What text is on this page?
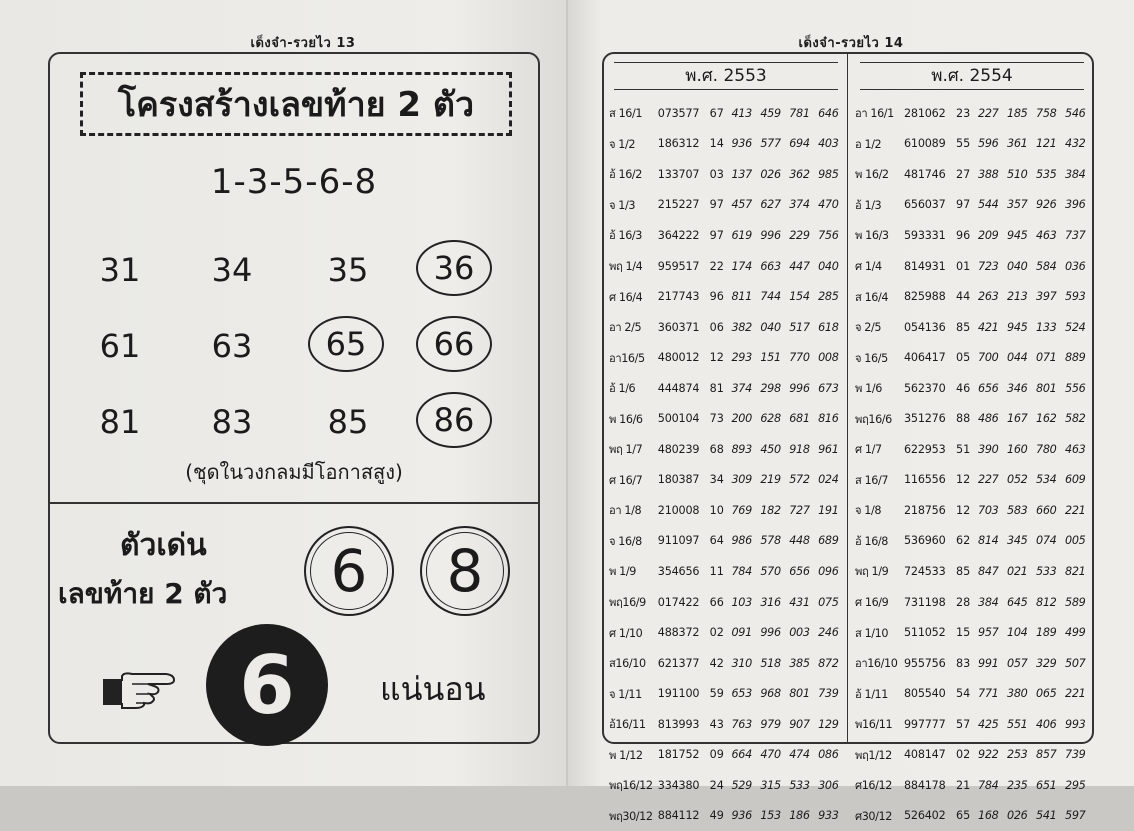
เด็งจ๋า-รวยไว 13
โครงสร้างเลขท้าย 2 ตัว
1-3-5-6-8
31	34	35	36
61	63	65	66
81	83	85	86
(ชุดในวงกลมมีโอกาสสูง)
ตัวเด่น
เลขท้าย 2 ตัว	6	8
6	แน่นอน
เด็งจ๋า-รวยไว 14
พ.ศ. 2553
ส 16/1	073577 67 413 459 781 646
จ 1/2	186312 14 936 577 694 403
อ้ 16/2	133707 03 137 026 362 985
จ 1/3	215227 97 457 627 374 470
อ้ 16/3	364222 97 619 996 229 756
พฤ 1/4	959517 22 174 663 447 040
ศ 16/4	217743 96 811 744 154 285
อา 2/5	360371 06 382 040 517 618
อา16/5	480012 12 293 151 770 008
อ้ 1/6	444874 81 374 298 996 673
พ 16/6	500104 73 200 628 681 816
พฤ 1/7	480239 68 893 450 918 961
ศ 16/7	180387 34 309 219 572 024
อา 1/8	210008 10 769 182 727 191
จ 16/8	911097 64 986 578 448 689
พ 1/9	354656 11 784 570 656 096
พฤ16/9	017422 66 103 316 431 075
ศ 1/10	488372 02 091 996 003 246
ส16/10	621377 42 310 518 385 872
จ 1/11	191100 59 653 968 801 739
อ้16/11	813993 43 763 979 907 129
พ 1/12	181752 09 664 470 474 086
พฤ16/12 334380 24 529 315 533 306
พฤ30/12 884112 49 936 153 186 933
พ.ศ. 2554
อา 16/1 281062 23 227 185 758 546
อ 1/2	610089 55 596 361 121 432
พ 16/2	481746 27 388 510 535 384
อ้ 1/3	656037 97 544 357 926 396
พ 16/3	593331 96 209 945 463 737
ศ 1/4	814931 01 723 040 584 036
ส 16/4	825988 44 263 213 397 593
จ 2/5	054136 85 421 945 133 524
จ 16/5	406417 05 700 044 071 889
พ 1/6	562370 46 656 346 801 556
พฤ16/6	351276 88 486 167 162 582
ศ 1/7	622953 51 390 160 780 463
ส 16/7	116556 12 227 052 534 609
จ 1/8	218756 12 703 583 660 221
อ้ 16/8	536960 62 814 345 074 005
พฤ 1/9	724533 85 847 021 533 821
ศ 16/9	731198 28 384 645 812 589
ส 1/10	511052 15 957 104 189 499
อา16/10 955756 83 991 057 329 507
อ้ 1/11	805540 54 771 380 065 221
พ16/11	997777 57 425 551 406 993
พฤ1/12	408147 02 922 253 857 739
ศ16/12	884178 21 784 235 651 295
ศ30/12	526402 65 168 026 541 597
